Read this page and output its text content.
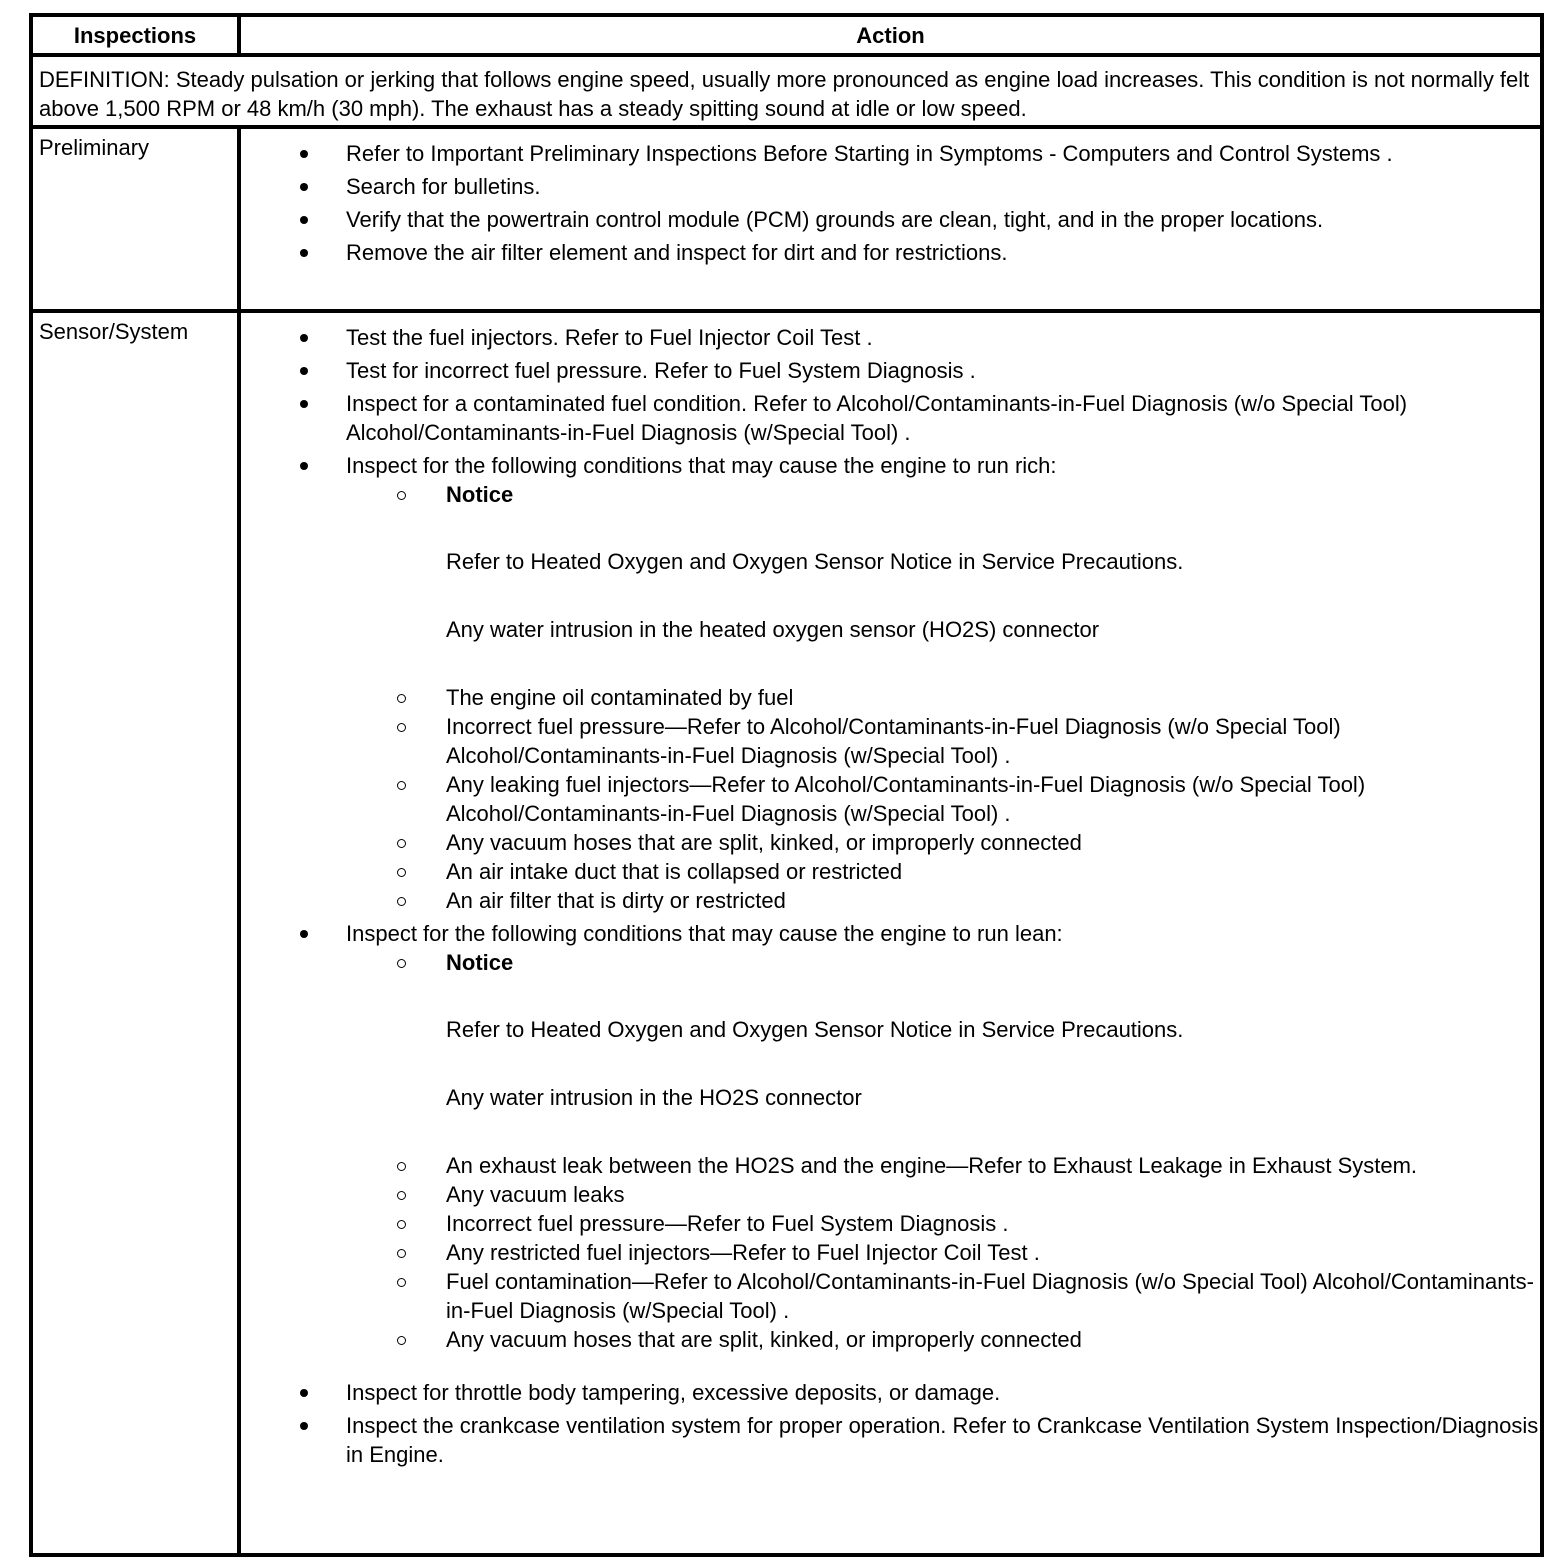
Inspections	Action
DEFINITION: Steady pulsation or jerking that follows engine speed, usually more pronounced as engine load increases. This condition is not normally felt above 1,500 RPM or 48 km/h (30 mph). The exhaust has a steady spitting sound at idle or low speed.
Preliminary	Refer to Important Preliminary Inspections Before Starting in Symptoms - Computers and Control Systems .
Search for bulletins.
Verify that the powertrain control module (PCM) grounds are clean, tight, and in the proper locations.
Remove the air filter element and inspect for dirt and for restrictions.
Sensor/System	Test the fuel injectors. Refer to Fuel Injector Coil Test .
Test for incorrect fuel pressure. Refer to Fuel System Diagnosis .
Inspect for a contaminated fuel condition. Refer to Alcohol/Contaminants-in-Fuel Diagnosis (w/o Special Tool) Alcohol/Contaminants-in-Fuel Diagnosis (w/Special Tool) .
Inspect for the following conditions that may cause the engine to run rich:
Notice
Refer to Heated Oxygen and Oxygen Sensor Notice in Service Precautions.
Any water intrusion in the heated oxygen sensor (HO2S) connector
The engine oil contaminated by fuel
Incorrect fuel pressure—Refer to Alcohol/Contaminants-in-Fuel Diagnosis (w/o Special Tool) Alcohol/Contaminants-in-Fuel Diagnosis (w/Special Tool) .
Any leaking fuel injectors—Refer to Alcohol/Contaminants-in-Fuel Diagnosis (w/o Special Tool) Alcohol/Contaminants-in-Fuel Diagnosis (w/Special Tool) .
Any vacuum hoses that are split, kinked, or improperly connected
An air intake duct that is collapsed or restricted
An air filter that is dirty or restricted
Inspect for the following conditions that may cause the engine to run lean:
Notice
Refer to Heated Oxygen and Oxygen Sensor Notice in Service Precautions.
Any water intrusion in the HO2S connector
An exhaust leak between the HO2S and the engine—Refer to Exhaust Leakage in Exhaust System.
Any vacuum leaks
Incorrect fuel pressure—Refer to Fuel System Diagnosis .
Any restricted fuel injectors—Refer to Fuel Injector Coil Test .
Fuel contamination—Refer to Alcohol/Contaminants-in-Fuel Diagnosis (w/o Special Tool) Alcohol/Contaminants-in-Fuel Diagnosis (w/Special Tool) .
Any vacuum hoses that are split, kinked, or improperly connected
Inspect for throttle body tampering, excessive deposits, or damage.
Inspect the crankcase ventilation system for proper operation. Refer to Crankcase Ventilation System Inspection/Diagnosis in Engine.
